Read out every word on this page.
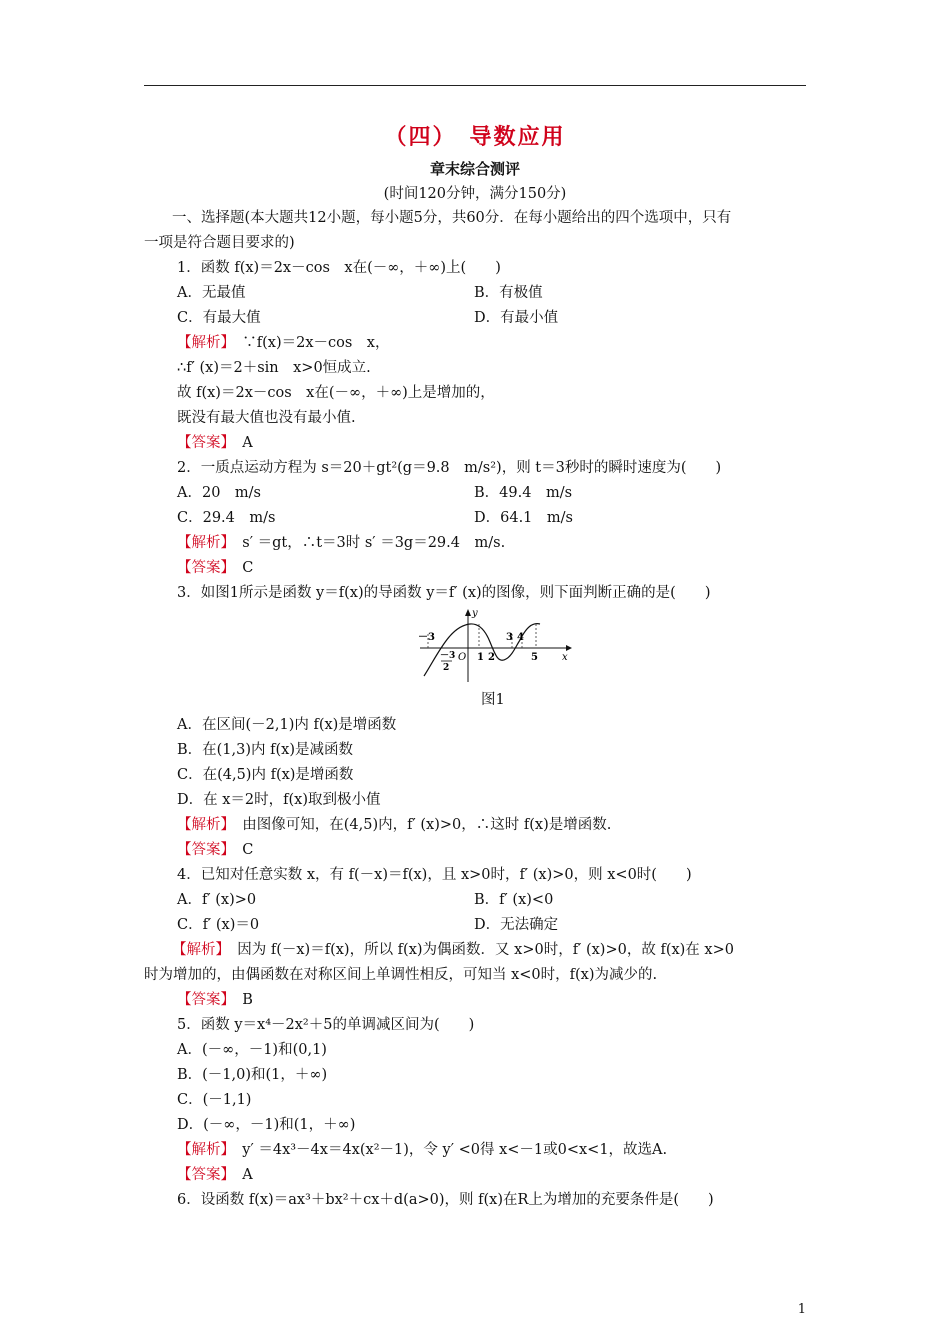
（四）　导数应用
章末综合测评
(时间120分钟，满分150分)
一、选择题(本大题共12小题，每小题5分，共60分．在每小题给出的四个选项中，只有
一项是符合题目要求的)
1．函数 f(x)＝2x－cos　x在(－∞，＋∞)上(　　)
A．无最值	B．有极值
C．有最大值	D．有最小值
【解析】　∵f(x)＝2x－cos　x，
∴f′ (x)＝2＋sin　x>0恒成立.
故 f(x)＝2x－cos　x在(－∞，＋∞)上是增加的，
既没有最大值也没有最小值.
【答案】　A
2．一质点运动方程为 s＝20＋gt²(g＝9.8　m/s²)，则 t＝3秒时的瞬时速度为(　　)
A．20　m/s	B．49.4　m/s
C．29.4　m/s	D．64.1　m/s
【解析】　s′ ＝gt，∴t＝3时 s′ ＝3g＝29.4　m/s.
【答案】　C
3．如图1所示是函数 y＝f(x)的导函数 y＝f′ (x)的图像，则下面判断正确的是(　　)
图1
A．在区间(－2,1)内 f(x)是增函数
B．在(1,3)内 f(x)是减函数
C．在(4,5)内 f(x)是增函数
D．在 x＝2时，f(x)取到极小值
【解析】　由图像可知，在(4,5)内，f′ (x)>0，∴这时 f(x)是增函数.
【答案】　C
4．已知对任意实数 x，有 f(－x)＝f(x)，且 x>0时，f′ (x)>0，则 x<0时(　　)
A．f′ (x)>0	B．f′ (x)<0
C．f′ (x)＝0	D．无法确定
【解析】　因为 f(－x)＝f(x)，所以 f(x)为偶函数．又 x>0时，f′ (x)>0，故 f(x)在 x>0
时为增加的，由偶函数在对称区间上单调性相反，可知当 x<0时，f(x)为减少的.
【答案】　B
5．函数 y＝x⁴－2x²＋5的单调减区间为(　　)
A．(－∞，－1)和(0,1)
B．(－1,0)和(1，＋∞)
C．(－1,1)
D．(－∞，－1)和(1，＋∞)
【解析】　y′ ＝4x³－4x＝4x(x²－1)，令 y′ <0得 x<－1或0<x<1，故选A.
【答案】　A
6．设函数 f(x)＝ax³＋bx²＋cx＋d(a>0)，则 f(x)在R上为增加的充要条件是(　　)
x
y
O
－3	3 4
1 2	5
－3
2
1
